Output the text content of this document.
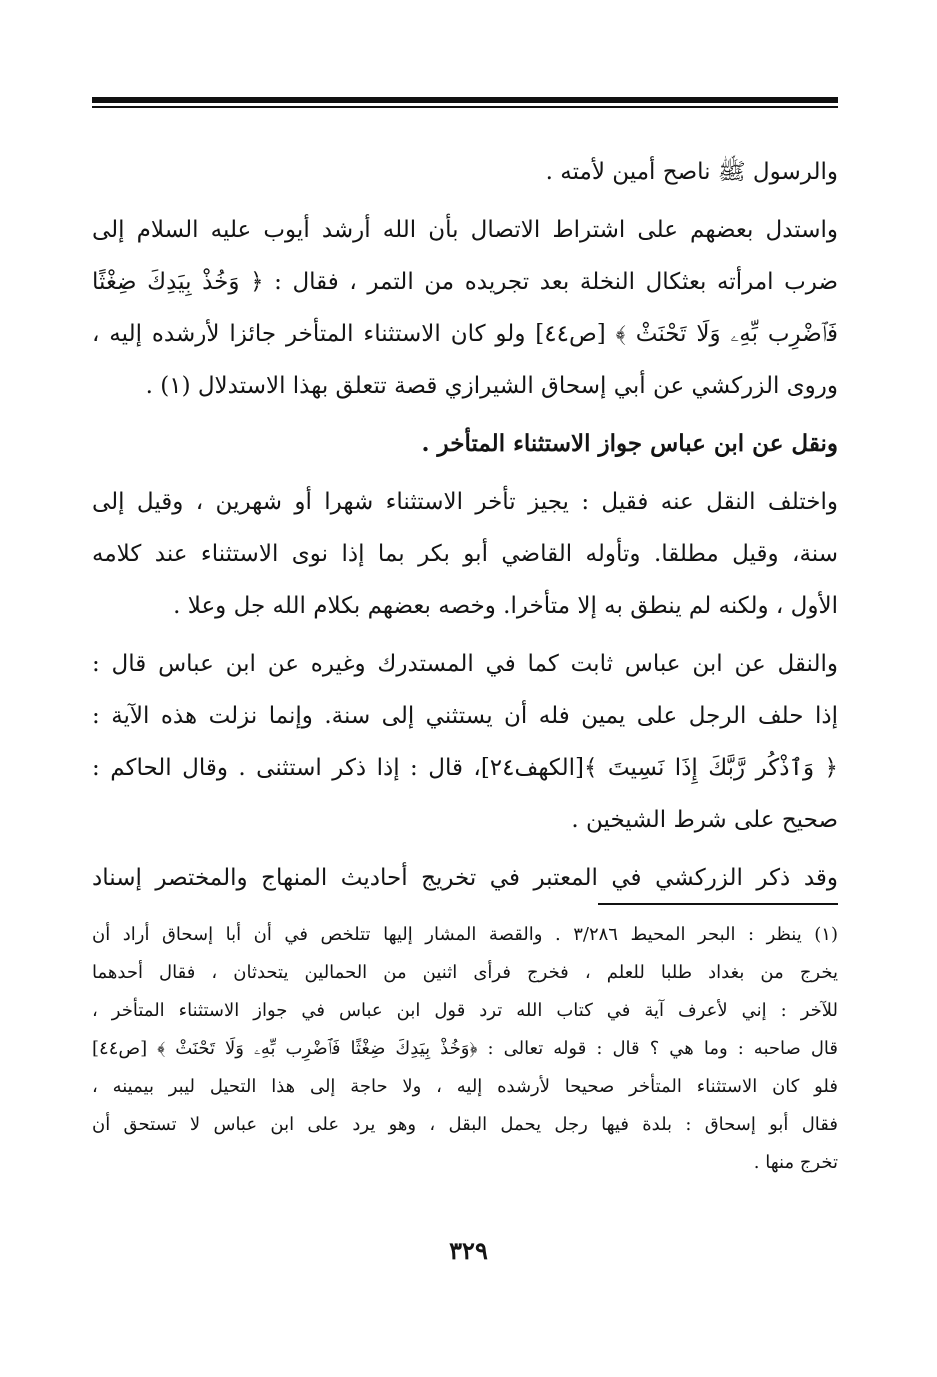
والرسول ﷺ ناصح أمين لأمته .
واستدل بعضهم على اشتراط الاتصال بأن الله أرشد أيوب عليه السلام إلى
ضرب امرأته بعثكال النخلة بعد تجريده من التمر ، فقال : ﴿ وَخُذْ بِيَدِكَ ضِغْثًا
فَٱضْرِب بِّهِۦ وَلَا تَحْنَثْ ﴾ [ص٤٤] ولو كان الاستثناء المتأخر جائزا لأرشده إليه ،
وروى الزركشي عن أبي إسحاق الشيرازي قصة تتعلق بهذا الاستدلال (١) .
ونقل عن ابن عباس جواز الاستثناء المتأخر .
واختلف النقل عنه فقيل : يجيز تأخر الاستثناء شهرا أو شهرين ، وقيل إلى
سنة، وقيل مطلقا. وتأوله القاضي أبو بكر بما إذا نوى الاستثناء عند كلامه
الأول ، ولكنه لم ينطق به إلا متأخرا. وخصه بعضهم بكلام الله جل وعلا .
والنقل عن ابن عباس ثابت كما في المستدرك وغيره عن ابن عباس قال :
إذا حلف الرجل على يمين فله أن يستثني إلى سنة. وإنما نزلت هذه الآية :
﴿ وَٱذْكُر رَّبَّكَ إِذَا نَسِيتَ ﴾[الكهف٢٤]، قال : إذا ذكر استثنى . وقال الحاكم :
صحيح على شرط الشيخين .
وقد ذكر الزركشي في المعتبر في تخريج أحاديث المنهاج والمختصر إسناد
(١) ينظر : البحر المحيط ٣/٢٨٦ . والقصة المشار إليها تتلخص في أن أبا إسحاق أراد أن
يخرج من بغداد طلبا للعلم ، فخرج فرأى اثنين من الحمالين يتحدثان ، فقال أحدهما
للآخر : إني لأعرف آية في كتاب الله ترد قول ابن عباس في جواز الاستثناء المتأخر ،
قال صاحبه : وما هي ؟ قال : قوله تعالى : ﴿وَخُذْ بِيَدِكَ ضِغْثًا فَٱضْرِب بِّهِۦ وَلَا تَحْنَثْ ﴾ [ص٤٤]
فلو كان الاستثناء المتأخر صحيحا لأرشده إليه ، ولا حاجة إلى هذا التحيل ليبر بيمينه ،
فقال أبو إسحاق : بلدة فيها رجل يحمل البقل ، وهو يرد على ابن عباس لا تستحق أن
تخرج منها .
٣٢٩
